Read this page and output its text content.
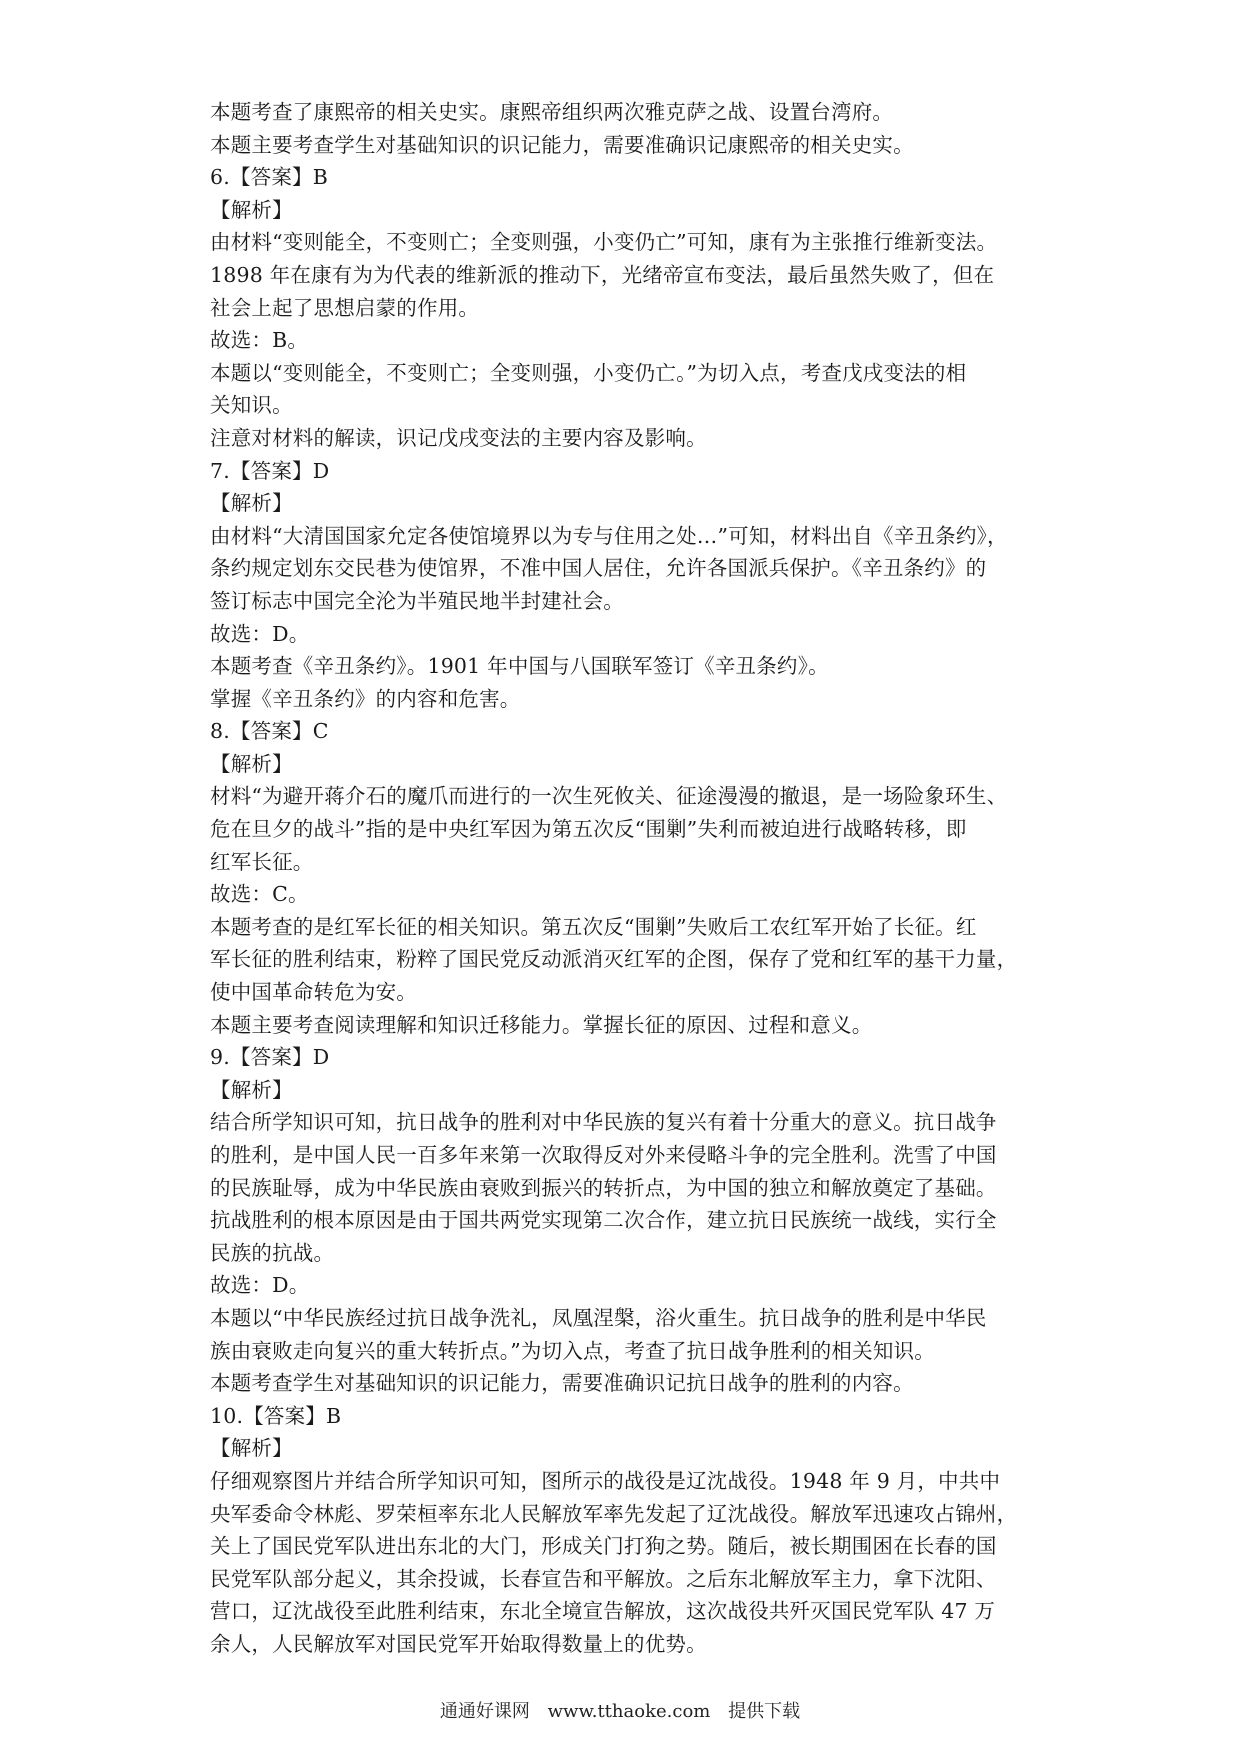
本题考查了康熙帝的相关史实。康熙帝组织两次雅克萨之战、设置台湾府。
本题主要考查学生对基础知识的识记能力，需要准确识记康熙帝的相关史实。
6.【答案】B
【解析】
由材料“变则能全，不变则亡；全变则强，小变仍亡”可知，康有为主张推行维新变法。
1898 年在康有为为代表的维新派的推动下，光绪帝宣布变法，最后虽然失败了，但在
社会上起了思想启蒙的作用。
故选：B。
本题以“变则能全，不变则亡；全变则强，小变仍亡。”为切入点，考查戊戌变法的相
关知识。
注意对材料的解读，识记戊戌变法的主要内容及影响。
7.【答案】D
【解析】
由材料“大清国国家允定各使馆境界以为专与住用之处…”可知，材料出自《辛丑条约》，
条约规定划东交民巷为使馆界，不准中国人居住，允许各国派兵保护。《辛丑条约》的
签订标志中国完全沦为半殖民地半封建社会。
故选：D。
本题考查《辛丑条约》。1901 年中国与八国联军签订《辛丑条约》。
掌握《辛丑条约》的内容和危害。
8.【答案】C
【解析】
材料“为避开蒋介石的魔爪而进行的一次生死攸关、征途漫漫的撤退，是一场险象环生、
危在旦夕的战斗”指的是中央红军因为第五次反“围剿”失利而被迫进行战略转移，即
红军长征。
故选：C。
本题考查的是红军长征的相关知识。第五次反“围剿”失败后工农红军开始了长征。红
军长征的胜利结束，粉粹了国民党反动派消灭红军的企图，保存了党和红军的基干力量，
使中国革命转危为安。
本题主要考查阅读理解和知识迁移能力。掌握长征的原因、过程和意义。
9.【答案】D
【解析】
结合所学知识可知，抗日战争的胜利对中华民族的复兴有着十分重大的意义。抗日战争
的胜利，是中国人民一百多年来第一次取得反对外来侵略斗争的完全胜利。洗雪了中国
的民族耻辱，成为中华民族由衰败到振兴的转折点，为中国的独立和解放奠定了基础。
抗战胜利的根本原因是由于国共两党实现第二次合作，建立抗日民族统一战线，实行全
民族的抗战。
故选：D。
本题以“中华民族经过抗日战争洗礼，凤凰涅槃，浴火重生。抗日战争的胜利是中华民
族由衰败走向复兴的重大转折点。”为切入点，考查了抗日战争胜利的相关知识。
本题考查学生对基础知识的识记能力，需要准确识记抗日战争的胜利的内容。
10.【答案】B
【解析】
仔细观察图片并结合所学知识可知，图所示的战役是辽沈战役。1948 年 9 月，中共中
央军委命令林彪、罗荣桓率东北人民解放军率先发起了辽沈战役。解放军迅速攻占锦州，
关上了国民党军队进出东北的大门，形成关门打狗之势。随后，被长期围困在长春的国
民党军队部分起义，其余投诚，长春宣告和平解放。之后东北解放军主力，拿下沈阳、
营口，辽沈战役至此胜利结束，东北全境宣告解放，这次战役共歼灭国民党军队 47 万
余人，人民解放军对国民党军开始取得数量上的优势。
通通好课网 www.tthaoke.com 提供下载
